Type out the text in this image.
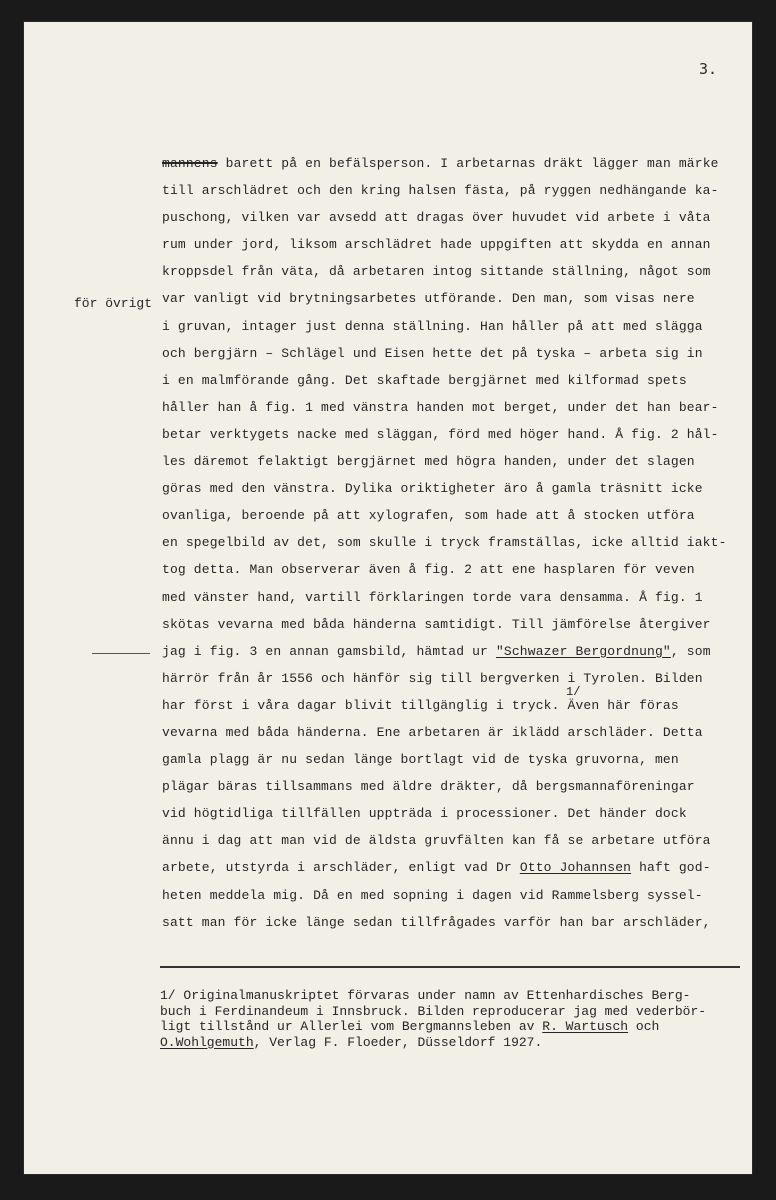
3.
för övrigt
mannens barett på en befälsperson. I arbetarnas dräkt lägger man märke
till arschlädret och den kring halsen fästa, på ryggen nedhängande ka-
puschong, vilken var avsedd att dragas över huvudet vid arbete i våta
rum under jord, liksom arschlädret hade uppgiften att skydda en annan
kroppsdel från väta, då arbetaren intog sittande ställning, något som
var vanligt vid brytningsarbetes utförande. Den man, som visas nere
i gruvan, intager just denna ställning. Han håller på att med slägga
och bergjärn – Schlägel und Eisen hette det på tyska – arbeta sig in
i en malmförande gång. Det skaftade bergjärnet med kilformad spets
håller han å fig. 1 med vänstra handen mot berget, under det han bear-
betar verktygets nacke med släggan, förd med höger hand. Å fig. 2 hål-
les däremot felaktigt bergjärnet med högra handen, under det slagen
göras med den vänstra. Dylika oriktigheter äro å gamla träsnitt icke
ovanliga, beroende på att xylografen, som hade att å stocken utföra
en spegelbild av det, som skulle i tryck framställas, icke alltid iakt-
tog detta. Man observerar även å fig. 2 att ene hasplaren för veven
med vänster hand, vartill förklaringen torde vara densamma. Å fig. 1
skötas vevarna med båda händerna samtidigt. Till jämförelse återgiver
jag i fig. 3 en annan gamsbild, hämtad ur "Schwazer Bergordnung", som
härrör från år 1556 och hänför sig till bergverken i Tyrolen. Bilden
har först i våra dagar blivit tillgänglig i tryck. Även här föras
vevarna med båda händerna. Ene arbetaren är iklädd arschläder. Detta
gamla plagg är nu sedan länge bortlagt vid de tyska gruvorna, men
plägar bäras tillsammans med äldre dräkter, då bergsmannaföreningar
vid högtidliga tillfällen uppträda i processioner. Det händer dock
ännu i dag att man vid de äldsta gruvfälten kan få se arbetare utföra
arbete, utstyrda i arschläder, enligt vad Dr Otto Johannsen haft god-
heten meddela mig. Då en med sopning i dagen vid Rammelsberg syssel-
satt man för icke länge sedan tillfrågades varför han bar arschläder,
1/
1/ Originalmanuskriptet förvaras under namn av Ettenhardisches Berg-
buch i Ferdinandeum i Innsbruck. Bilden reproducerar jag med vederbör-
ligt tillstånd ur Allerlei vom Bergmannsleben av R. Wartusch och
O.Wohlgemuth, Verlag F. Floeder, Düsseldorf 1927.
